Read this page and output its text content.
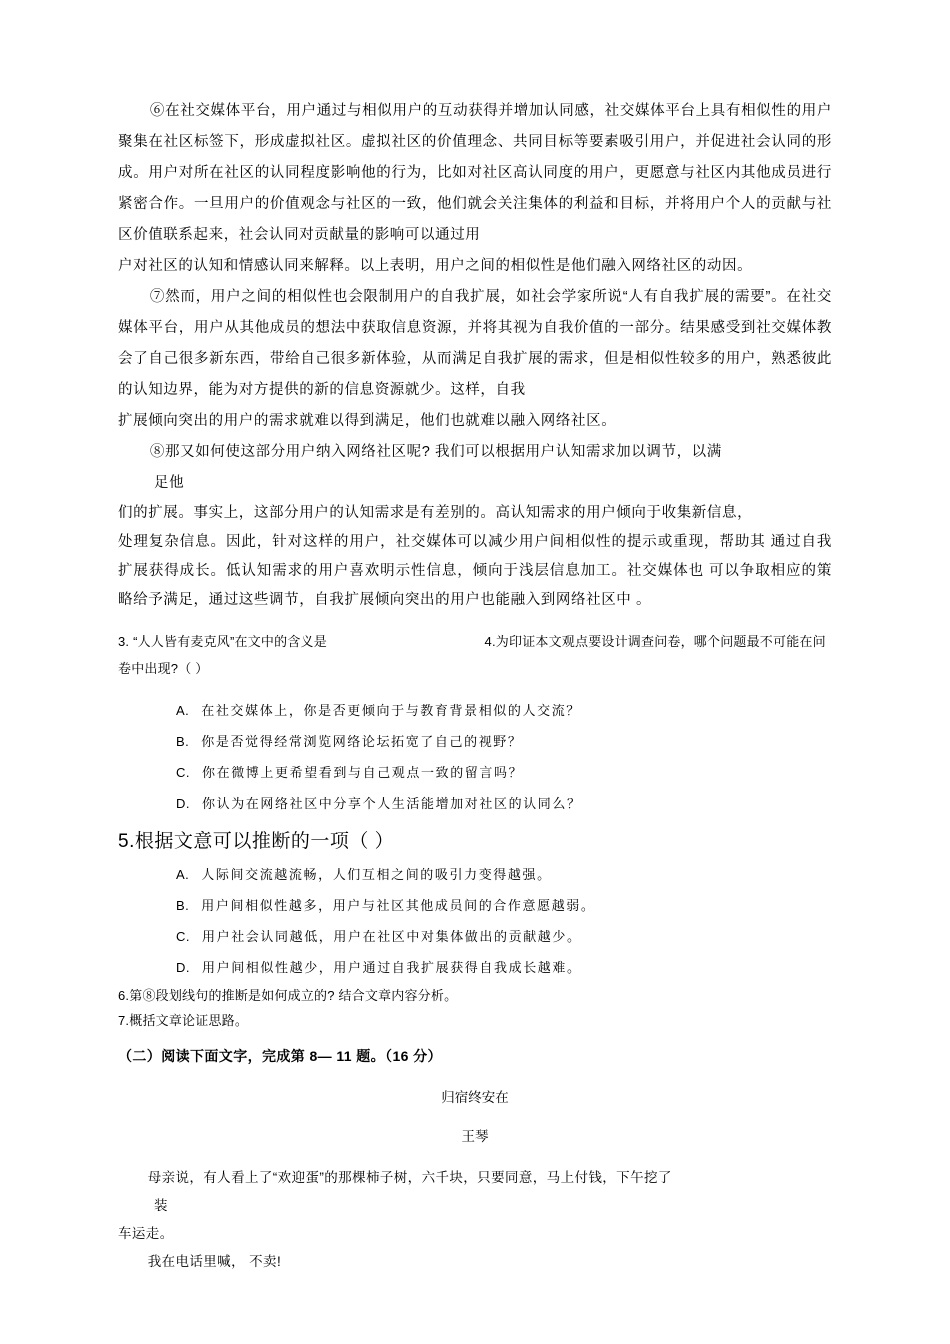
⑥在社交媒体平台，用户通过与相似用户的互动获得并增加认同感，社交媒体平台上具有相似性的用户聚集在社区标签下，形成虚拟社区。虚拟社区的价值理念、共同目标等要素吸引用户，并促进社会认同的形成。用户对所在社区的认同程度影响他的行为，比如对社区高认同度的用户，更愿意与社区内其他成员进行紧密合作。一旦用户的价值观念与社区的一致，他们就会关注集体的利益和目标，并将用户个人的贡献与社区价值联系起来，社会认同对贡献量的影响可以通过用

户对社区的认知和情感认同来解释。以上表明，用户之间的相似性是他们融入网络社区的动因。

⑦然而，用户之间的相似性也会限制用户的自我扩展，如社会学家所说“人有自我扩展的需要”。在社交媒体平台，用户从其他成员的想法中获取信息资源，并将其视为自我价值的一部分。结果感受到社交媒体教会了自己很多新东西，带给自己很多新体验，从而满足自我扩展的需求，但是相似性较多的用户，熟悉彼此的认知边界，能为对方提供的新的信息资源就少。这样，自我

扩展倾向突出的用户的需求就难以得到满足，他们也就难以融入网络社区。

⑧那又如何使这部分用户纳入网络社区呢? 我们可以根据用户认知需求加以调节，以满

足他

们的扩展。事实上，这部分用户的认知需求是有差别的。高认知需求的用户倾向于收集新信息，

处理复杂信息。因此，针对这样的用户，社交媒体可以减少用户间相似性的提示或重现，帮助其 通过自我扩展获得成长。低认知需求的用户喜欢明示性信息，倾向于浅层信息加工。社交媒体也 可以争取相应的策略给予满足，通过这些调节，自我扩展倾向突出的用户也能融入到网络社区中 。

3. “人人皆有麦克风”在文中的含义是	4.为印证本文观点要设计调查问卷，哪个问题最不可能在问 卷中出现?（ ）

A. 在社交媒体上，你是否更倾向于与教育背景相似的人交流？

B. 你是否觉得经常浏览网络论坛拓宽了自己的视野？

C. 你在微博上更希望看到与自己观点一致的留言吗？

D. 你认为在网络社区中分享个人生活能增加对社区的认同么？

5.根据文意可以推断的一项（ ）

A. 人际间交流越流畅，人们互相之间的吸引力变得越强。

B. 用户间相似性越多，用户与社区其他成员间的合作意愿越弱。

C. 用户社会认同越低，用户在社区中对集体做出的贡献越少。

D. 用户间相似性越少，用户通过自我扩展获得自我成长越难。

6.第⑧段划线句的推断是如何成立的? 结合文章内容分析。

7.概括文章论证思路。

（二）阅读下面文字，完成第 8— 11 题。（16 分）

归宿终安在

王琴

母亲说，有人看上了“欢迎蛋”的那棵柿子树，六千块，只要同意，马上付钱，下午挖了

装

车运走。

我在电话里喊， 不卖!
